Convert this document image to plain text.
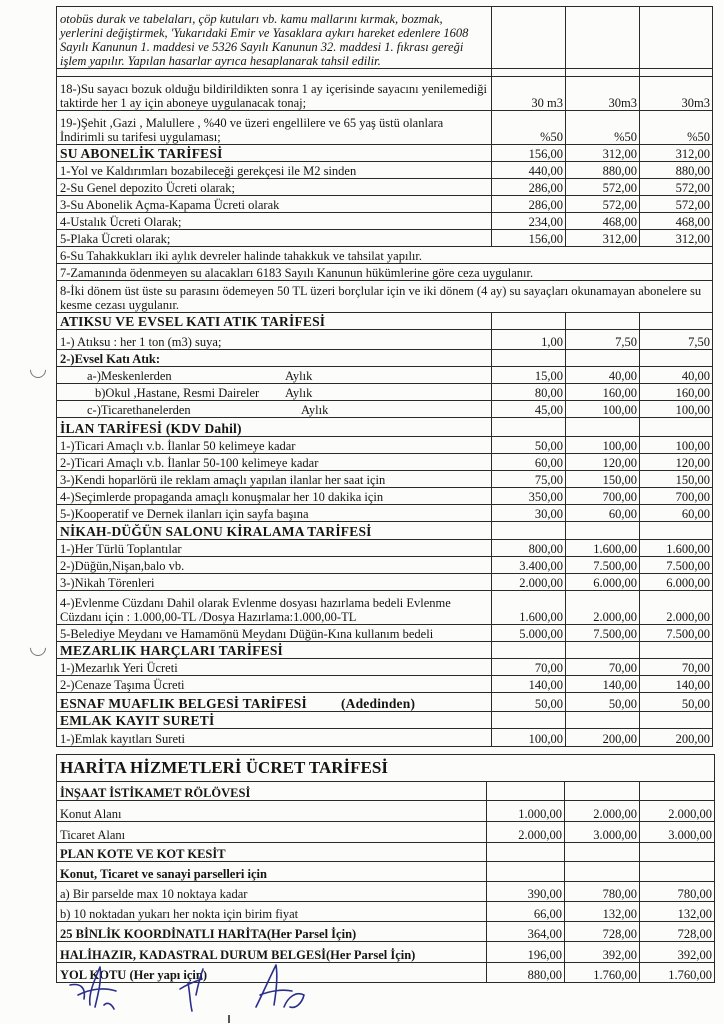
otobüs durak ve tabelaları, çöp kutuları vb. kamu mallarını kırmak, bozmak, yerlerini değiştirmek, 'Yukarıdaki Emir ve Yasaklara aykırı hareket edenlere 1608 Sayılı Kanunun 1. maddesi ve 5326 Sayılı Kanunun 32. maddesi 1. fıkrası gereği işlem yapılır. Yapılan hasarlar ayrıca hesaplanarak tahsil edilir.			

18-)Su sayacı bozuk olduğu bildirildikten sonra 1 ay içerisinde sayacını yenilemediği taktirde her 1 ay için aboneye uygulanacak tonaj;	30 m3	30m3	30m3
19-)Şehit ,Gazi , Malullere , %40 ve üzeri engellilere ve 65 yaş üstü olanlara İndirimli su tarifesi uygulaması;	%50	%50	%50
SU ABONELİK TARİFESİ	156,00	312,00	312,00
1-Yol ve Kaldırımları bozabileceği gerekçesi ile M2 sinden	440,00	880,00	880,00
2-Su Genel depozito Ücreti olarak;	286,00	572,00	572,00
3-Su Abonelik Açma-Kapama Ücreti olarak	286,00	572,00	572,00
4-Ustalık Ücreti Olarak;	234,00	468,00	468,00
5-Plaka Ücreti olarak;	156,00	312,00	312,00
6-Su Tahakkukları iki aylık devreler halinde tahakkuk ve tahsilat yapılır.			
7-Zamanında ödenmeyen su alacakları 6183 Sayılı Kanunun hükümlerine göre ceza uygulanır.			
8-İki dönem üst üste su parasını ödemeyen 50 TL üzeri borçlular için ve iki dönem (4 ay) su sayaçları okunamayan abonelere su kesme cezası uygulanır.			
ATIKSU VE EVSEL KATI ATIK TARİFESİ			
1-) Atıksu : her 1 ton (m3) suya;	1,00	7,50	7,50
2-)Evsel Katı Atık:			
a-)Meskenlerden Aylık	15,00	40,00	40,00
b)Okul ,Hastane, Resmi Daireler Aylık	80,00	160,00	160,00
c-)Ticarethanelerden Aylık	45,00	100,00	100,00
İLAN TARİFESİ (KDV Dahil)			
1-)Ticari Amaçlı v.b. İlanlar 50 kelimeye kadar	50,00	100,00	100,00
2-)Ticari Amaçlı v.b. İlanlar 50-100 kelimeye kadar	60,00	120,00	120,00
3-)Kendi hoparlörü ile reklam amaçlı yapılan ilanlar her saat için	75,00	150,00	150,00
4-)Seçimlerde propaganda amaçlı konuşmalar her 10 dakika için	350,00	700,00	700,00
5-)Kooperatif ve Dernek ilanları için sayfa başına	30,00	60,00	60,00
NİKAH-DÜĞÜN SALONU KİRALAMA TARİFESİ			
1-)Her Türlü Toplantılar	800,00	1.600,00	1.600,00
2-)Düğün,Nişan,balo vb.	3.400,00	7.500,00	7.500,00
3-)Nikah Törenleri	2.000,00	6.000,00	6.000,00
4-)Evlenme Cüzdanı Dahil olarak Evlenme dosyası hazırlama bedeli Evlenme Cüzdanı için : 1.000,00-TL /Dosya Hazırlama:1.000,00-TL	1.600,00	2.000,00	2.000,00
5-Belediye Meydanı ve Hamamönü Meydanı Düğün-Kına kullanım bedeli	5.000,00	7.500,00	7.500,00
MEZARLIK HARÇLARI TARİFESİ			
1-)Mezarlık Yeri Ücreti	70,00	70,00	70,00
2-)Cenaze Taşıma Ücreti	140,00	140,00	140,00
ESNAF MUAFLIK BELGESİ TARİFESİ (Adedinden)	50,00	50,00	50,00
EMLAK KAYIT SURETİ			
1-)Emlak kayıtları Sureti	100,00	200,00	200,00
HARİTA HİZMETLERİ ÜCRET TARİFESİ			
İNŞAAT İSTİKAMET RÖLÖVESİ			
Konut Alanı	1.000,00	2.000,00	2.000,00
Ticaret Alanı	2.000,00	3.000,00	3.000,00
PLAN KOTE VE KOT KESİT			
Konut, Ticaret ve sanayi parselleri için			
a) Bir parselde max 10 noktaya kadar	390,00	780,00	780,00
b) 10 noktadan yukarı her nokta için birim fiyat	66,00	132,00	132,00
25 BİNLİK KOORDİNATLI HARİTA(Her Parsel İçin)	364,00	728,00	728,00
HALİHAZIR, KADASTRAL DURUM BELGESİ(Her Parsel İçin)	196,00	392,00	392,00
YOL KOTU (Her yapı için)	880,00	1.760,00	1.760,00
